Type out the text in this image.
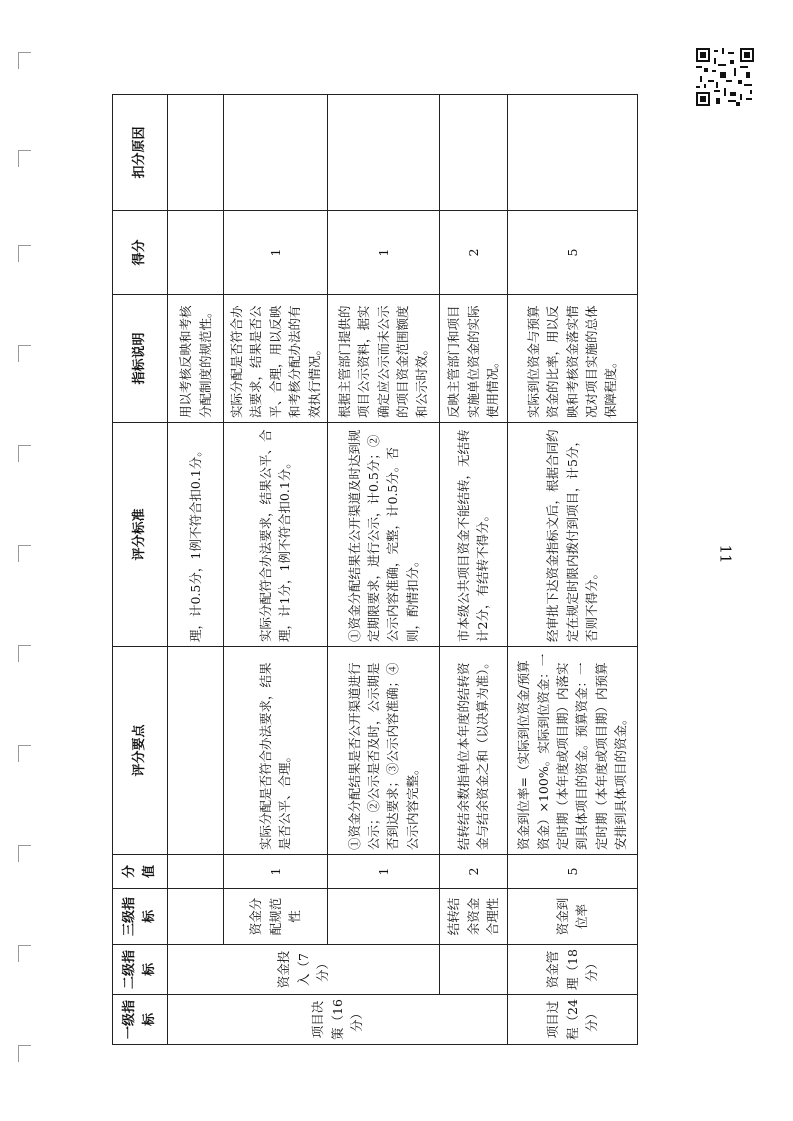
11
一级指标	二级指标	三级指标	分值	评分要点	评分标准	指标说明	得分	扣分原因
项目决策（16分）	资金投入（7分）				理，计0.5分，1例不符合扣0.1分。	用以考核反映和考核分配制度的规范性。		
		资金分配规范性	1	实际分配是否符合办法要求，结果是否公平、合理。	实际分配符合办法要求，结果公平、合理，计1分，1例不符合扣0.1分。	实际分配是否符合办法要求，结果是否公平、合理，用以反映和考核分配办法的有效执行情况。	1	
			1	①资金分配结果是否公开渠道进行公示；②公示是否及时，公示期是否到达要求；③公示内容准确；④公示内容完整。	①资金分配结果在公开渠道及时达到规定期限要求，进行公示，计0.5分；②公示内容准确，完整，计0.5分。否则，酌情扣分。	根据主管部门提供的项目公示资料，据实确定应公示而未公示的项目资金范围额度和公示时效。	1	
		结转结余资金合理性	2	结转结余数指单位本年度的结转资金与结余资金之和（以决算为准）。	市本级公共项目资金不能结转，无结转计2分，有结转不得分。	反映主管部门和项目实施单位资金的实际使用情况。	2	
项目过程（24分）	资金管理（18分）	资金到位率	5	资金到位率=（实际到位资金/预算资金）×100%。实际到位资金：一定时期（本年度或项目期）内落实到具体项目的资金。预算资金：一定时期（本年度或项目期）内预算安排到具体项目的资金。	经审批下达资金指标文后，根据合同约定在规定时限内拨付到项目，计5分，否则不得分。	实际到位资金与预算资金的比率，用以反映和考核资金落实情况对项目实施的总体保障程度。	5	
